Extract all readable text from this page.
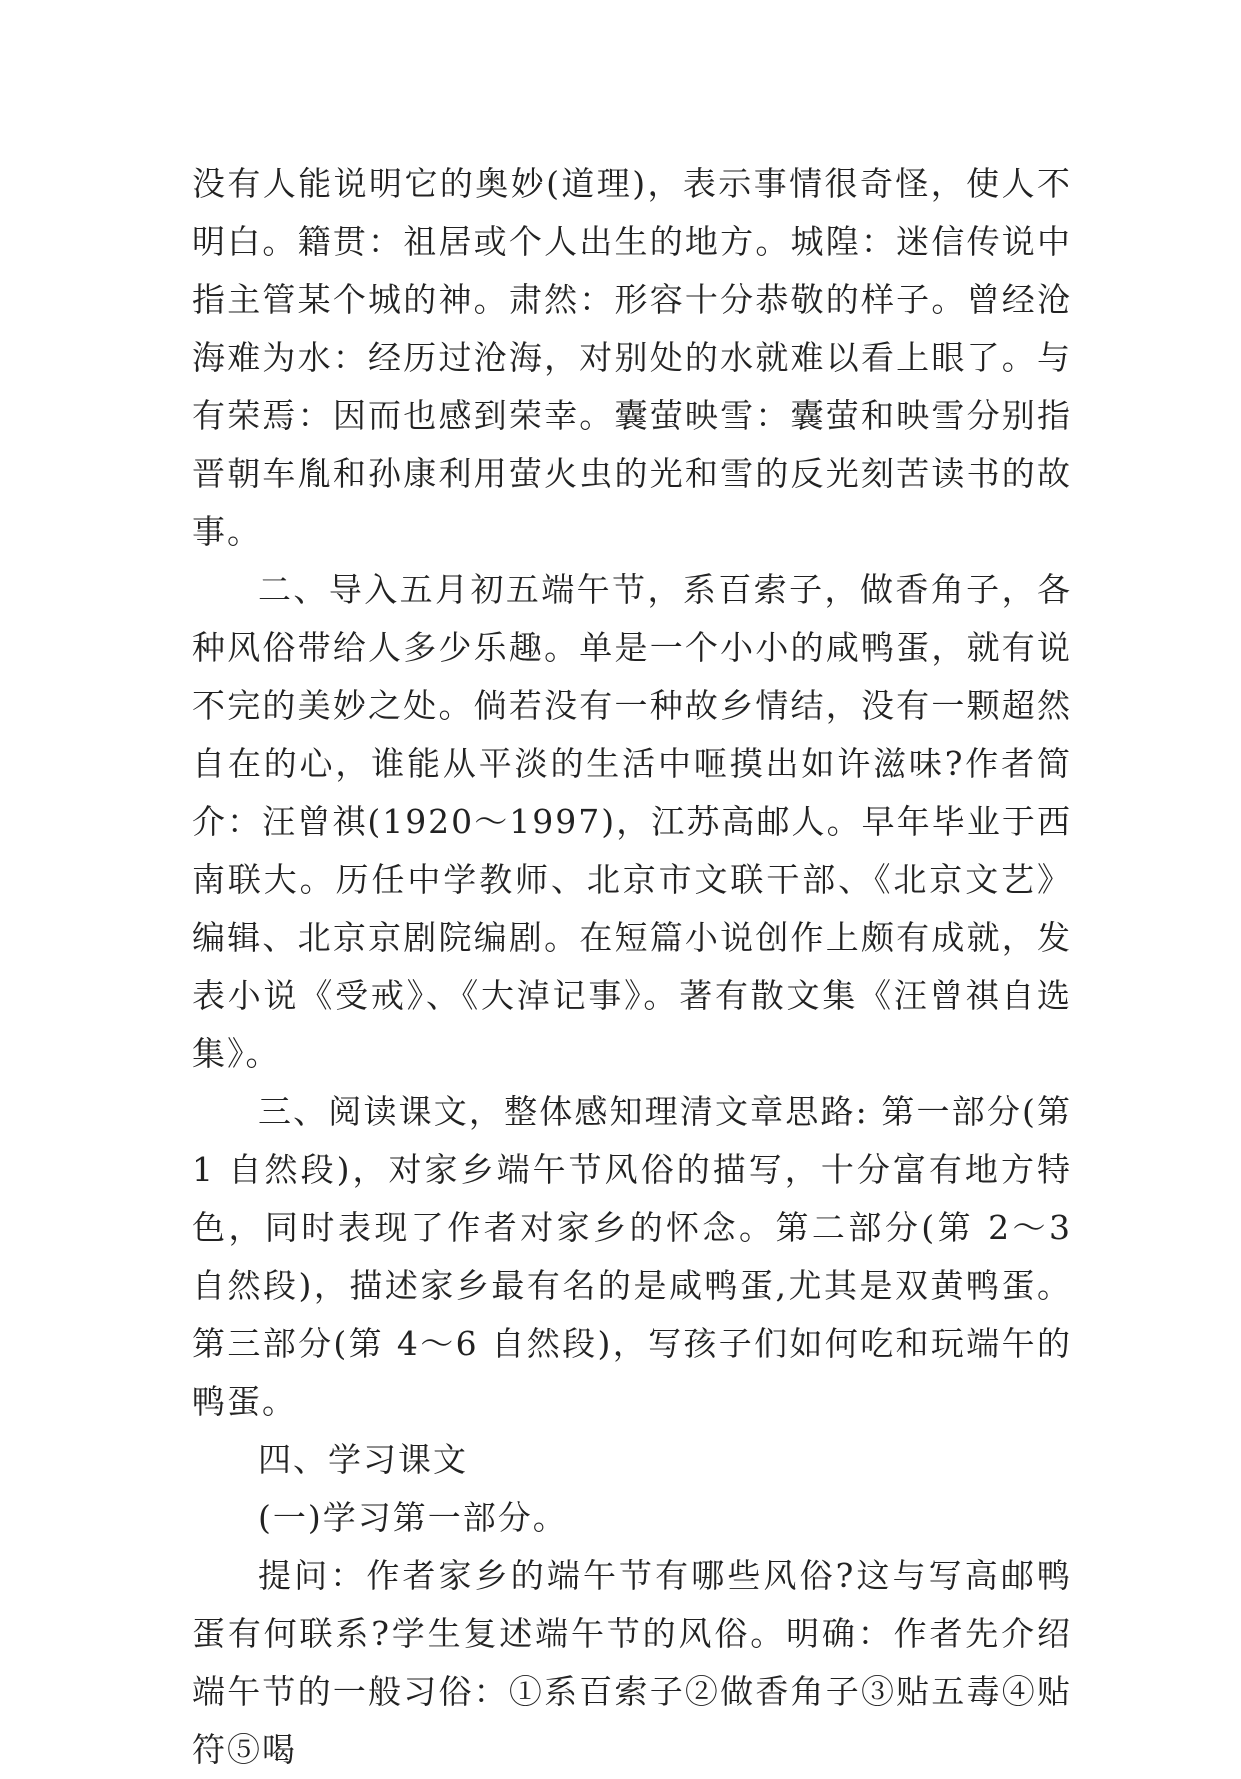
没有人能说明它的奥妙(道理)，表示事情很奇怪，使人不明白。籍贯：祖居或个人出生的地方。城隍：迷信传说中指主管某个城的神。肃然：形容十分恭敬的样子。曾经沧海难为水：经历过沧海，对别处的水就难以看上眼了。与有荣焉：因而也感到荣幸。囊萤映雪：囊萤和映雪分别指晋朝车胤和孙康利用萤火虫的光和雪的反光刻苦读书的故事。

二、导入五月初五端午节，系百索子，做香角子，各种风俗带给人多少乐趣。单是一个小小的咸鸭蛋，就有说不完的美妙之处。倘若没有一种故乡情结，没有一颗超然自在的心，谁能从平淡的生活中咂摸出如许滋味?作者简介：汪曾祺(1920～1997)，江苏高邮人。早年毕业于西南联大。历任中学教师、北京市文联干部、《北京文艺》编辑、北京京剧院编剧。在短篇小说创作上颇有成就，发表小说《受戒》、《大淖记事》。著有散文集《汪曾祺自选集》。

三、阅读课文，整体感知理清文章思路: 第一部分(第 1 自然段)，对家乡端午节风俗的描写，十分富有地方特色，同时表现了作者对家乡的怀念。第二部分(第 2～3 自然段)，描述家乡最有名的是咸鸭蛋,尤其是双黄鸭蛋。第三部分(第 4～6 自然段)，写孩子们如何吃和玩端午的鸭蛋。

四、学习课文

(一)学习第一部分。

提问：作者家乡的端午节有哪些风俗?这与写高邮鸭蛋有何联系?学生复述端午节的风俗。明确：作者先介绍端午节的一般习俗：①系百索子②做香角子③贴五毒④贴符⑤喝
